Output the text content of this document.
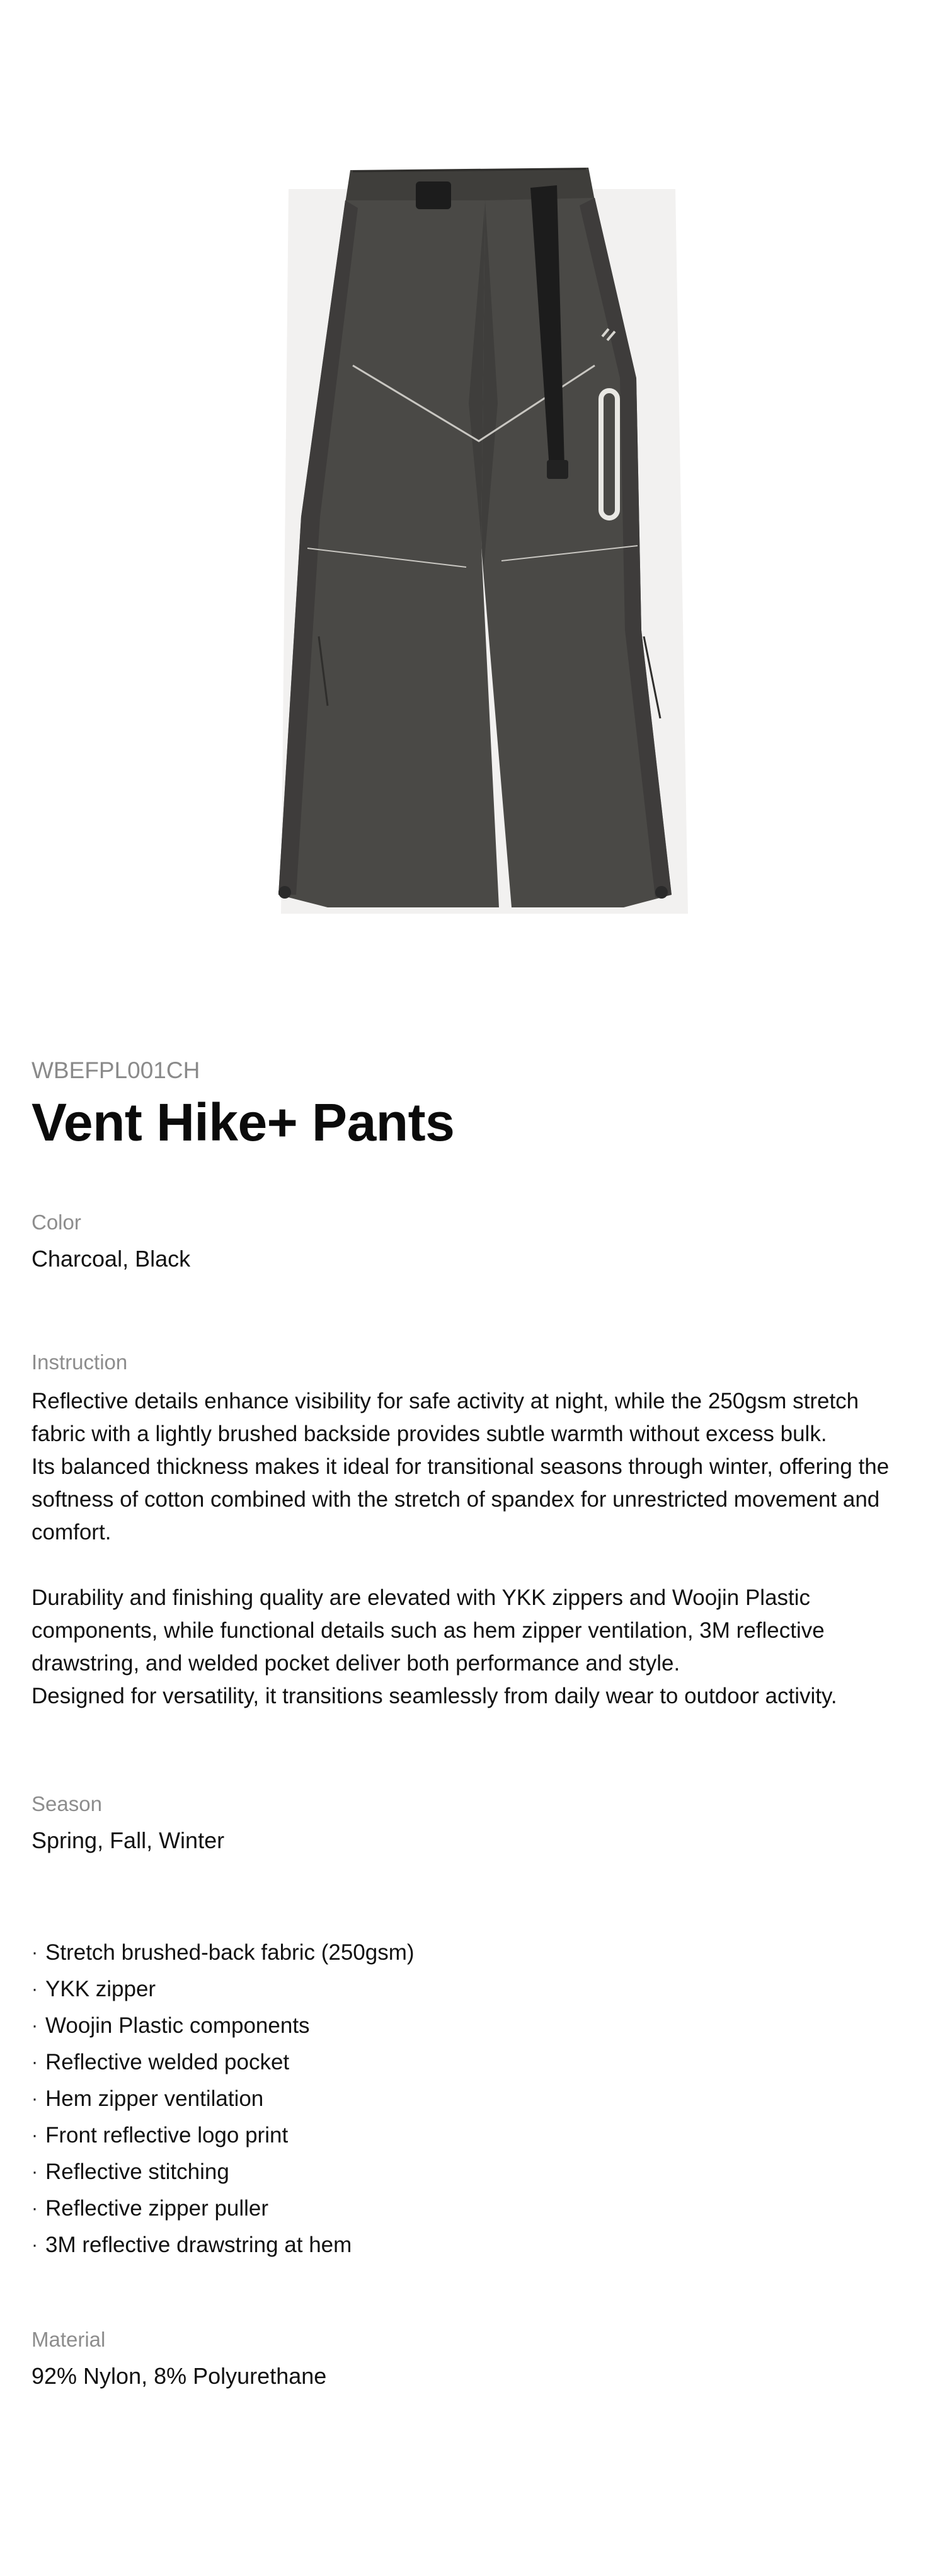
WBEFPL001CH

Vent Hike+ Pants

Color

Charcoal, Black

Instruction

Reflective details enhance visibility for safe activity at night, while the 250gsm stretch fabric with a lightly brushed backside provides subtle warmth without excess bulk.
Its balanced thickness makes it ideal for transitional seasons through winter, offering the softness of cotton combined with the stretch of spandex for unrestricted movement and comfort.

Durability and finishing quality are elevated with YKK zippers and Woojin Plastic components, while functional details such as hem zipper ventilation, 3M reflective drawstring, and welded pocket deliver both performance and style.
Designed for versatility, it transitions seamlessly from daily wear to outdoor activity.

Season

Spring, Fall, Winter

· Stretch brushed-back fabric (250gsm)
· YKK zipper
· Woojin Plastic components
· Reflective welded pocket
· Hem zipper ventilation
· Front reflective logo print
· Reflective stitching
· Reflective zipper puller
· 3M reflective drawstring at hem

Material

92% Nylon, 8% Polyurethane
